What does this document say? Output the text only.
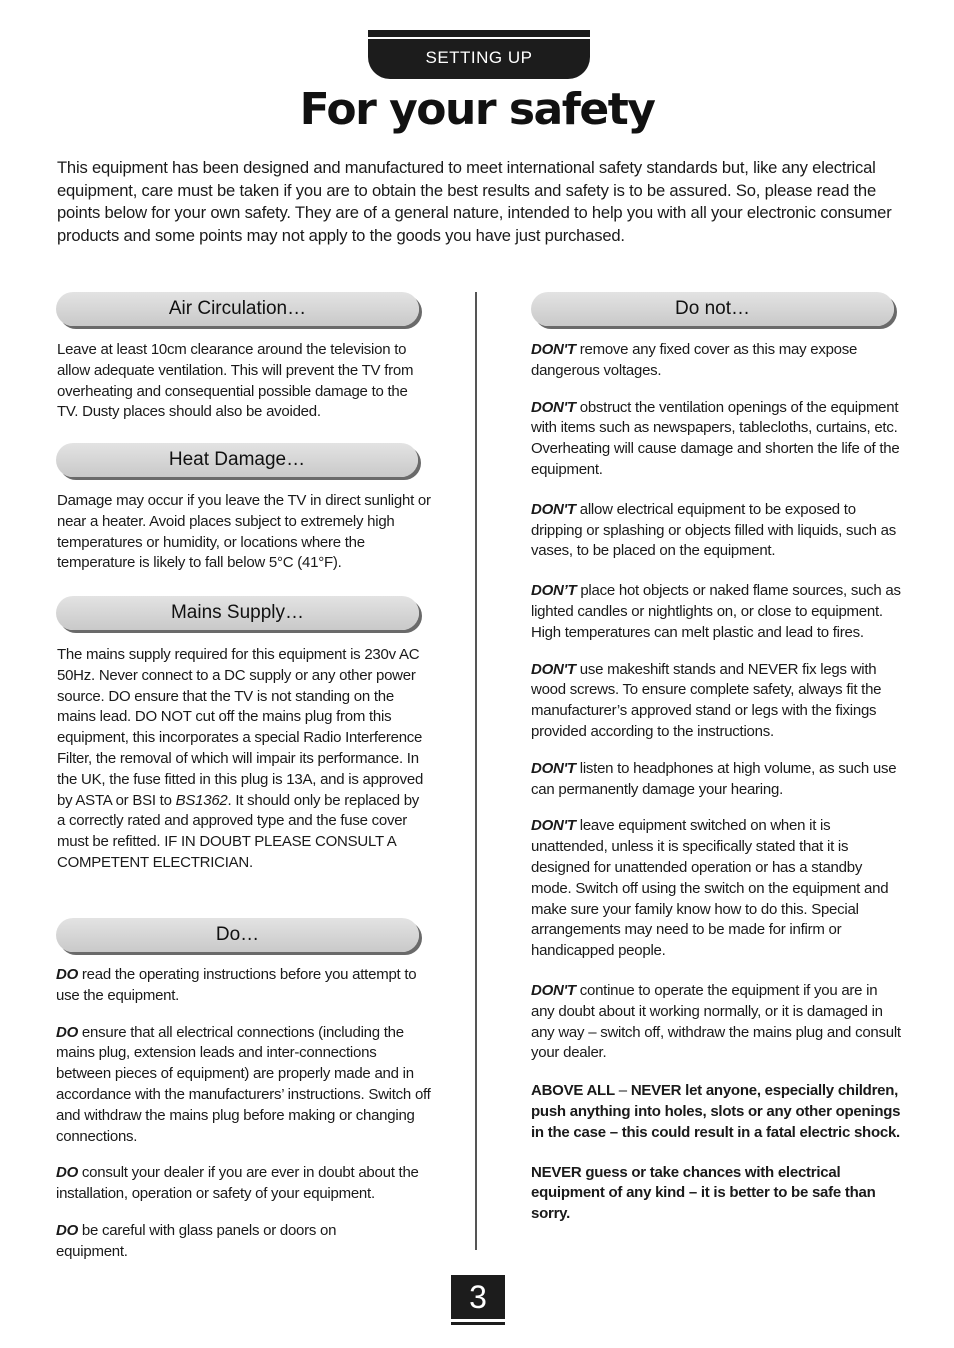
SETTING UP
For your safety
This equipment has been designed and manufactured to meet international safety standards but, like any electrical equipment, care must be taken if you are to obtain the best results and safety is to be assured. So, please read the points below for your own safety. They are of a general nature, intended to help you with all your electronic consumer products and some points may not apply to the goods you have just purchased.
Air Circulation…

Leave at least 10cm clearance around the television to allow adequate ventilation. This will prevent the TV from overheating and consequential possible damage to the TV. Dusty places should also be avoided.

Heat Damage…

Damage may occur if you leave the TV in direct sunlight or near a heater. Avoid places subject to extremely high temperatures or humidity, or locations where the temperature is likely to fall below 5°C (41°F).

Mains Supply…

The mains supply required for this equipment is 230v AC 50Hz. Never connect to a DC supply or any other power source. DO ensure that the TV is not standing on the mains lead. DO NOT cut off the mains plug from this equipment, this incorporates a special Radio Interference Filter, the removal of which will impair its performance. In the UK, the fuse fitted in this plug is 13A, and is approved by ASTA or BSI to BS1362. It should only be replaced by a correctly rated and approved type and the fuse cover must be refitted. IF IN DOUBT PLEASE CONSULT A COMPETENT ELECTRICIAN.

Do…

DO read the operating instructions before you attempt to use the equipment.

DO ensure that all electrical connections (including the mains plug, extension leads and inter-connections between pieces of equipment) are properly made and in accordance with the manufacturers’ instructions. Switch off and withdraw the mains plug before making or changing connections.

DO consult your dealer if you are ever in doubt about the installation, operation or safety of your equipment.

DO be careful with glass panels or doors on equipment.

Do not…

DON'T remove any fixed cover as this may expose dangerous voltages.

DON'T obstruct the ventilation openings of the equipment with items such as newspapers, tablecloths, curtains, etc. Overheating will cause damage and shorten the life of the equipment.

DON'T allow electrical equipment to be exposed to dripping or splashing or objects filled with liquids, such as vases, to be placed on the equipment.

DON’T place hot objects or naked flame sources, such as lighted candles or nightlights on, or close to equipment. High temperatures can melt plastic and lead to fires.

DON'T use makeshift stands and NEVER fix legs with wood screws. To ensure complete safety, always fit the manufacturer’s approved stand or legs with the fixings provided according to the instructions.

DON'T listen to headphones at high volume, as such use can permanently damage your hearing.

DON'T leave equipment switched on when it is unattended, unless it is specifically stated that it is designed for unattended operation or has a standby mode. Switch off using the switch on the equipment and make sure your family know how to do this. Special arrangements may need to be made for infirm or handicapped people.

DON'T continue to operate the equipment if you are in any doubt about it working normally, or it is damaged in any way – switch off, withdraw the mains plug and consult your dealer.

ABOVE ALL – NEVER let anyone, especially children, push anything into holes, slots or any other openings in the case – this could result in a fatal electric shock.

NEVER guess or take chances with electrical equipment of any kind – it is better to be safe than sorry.

3
